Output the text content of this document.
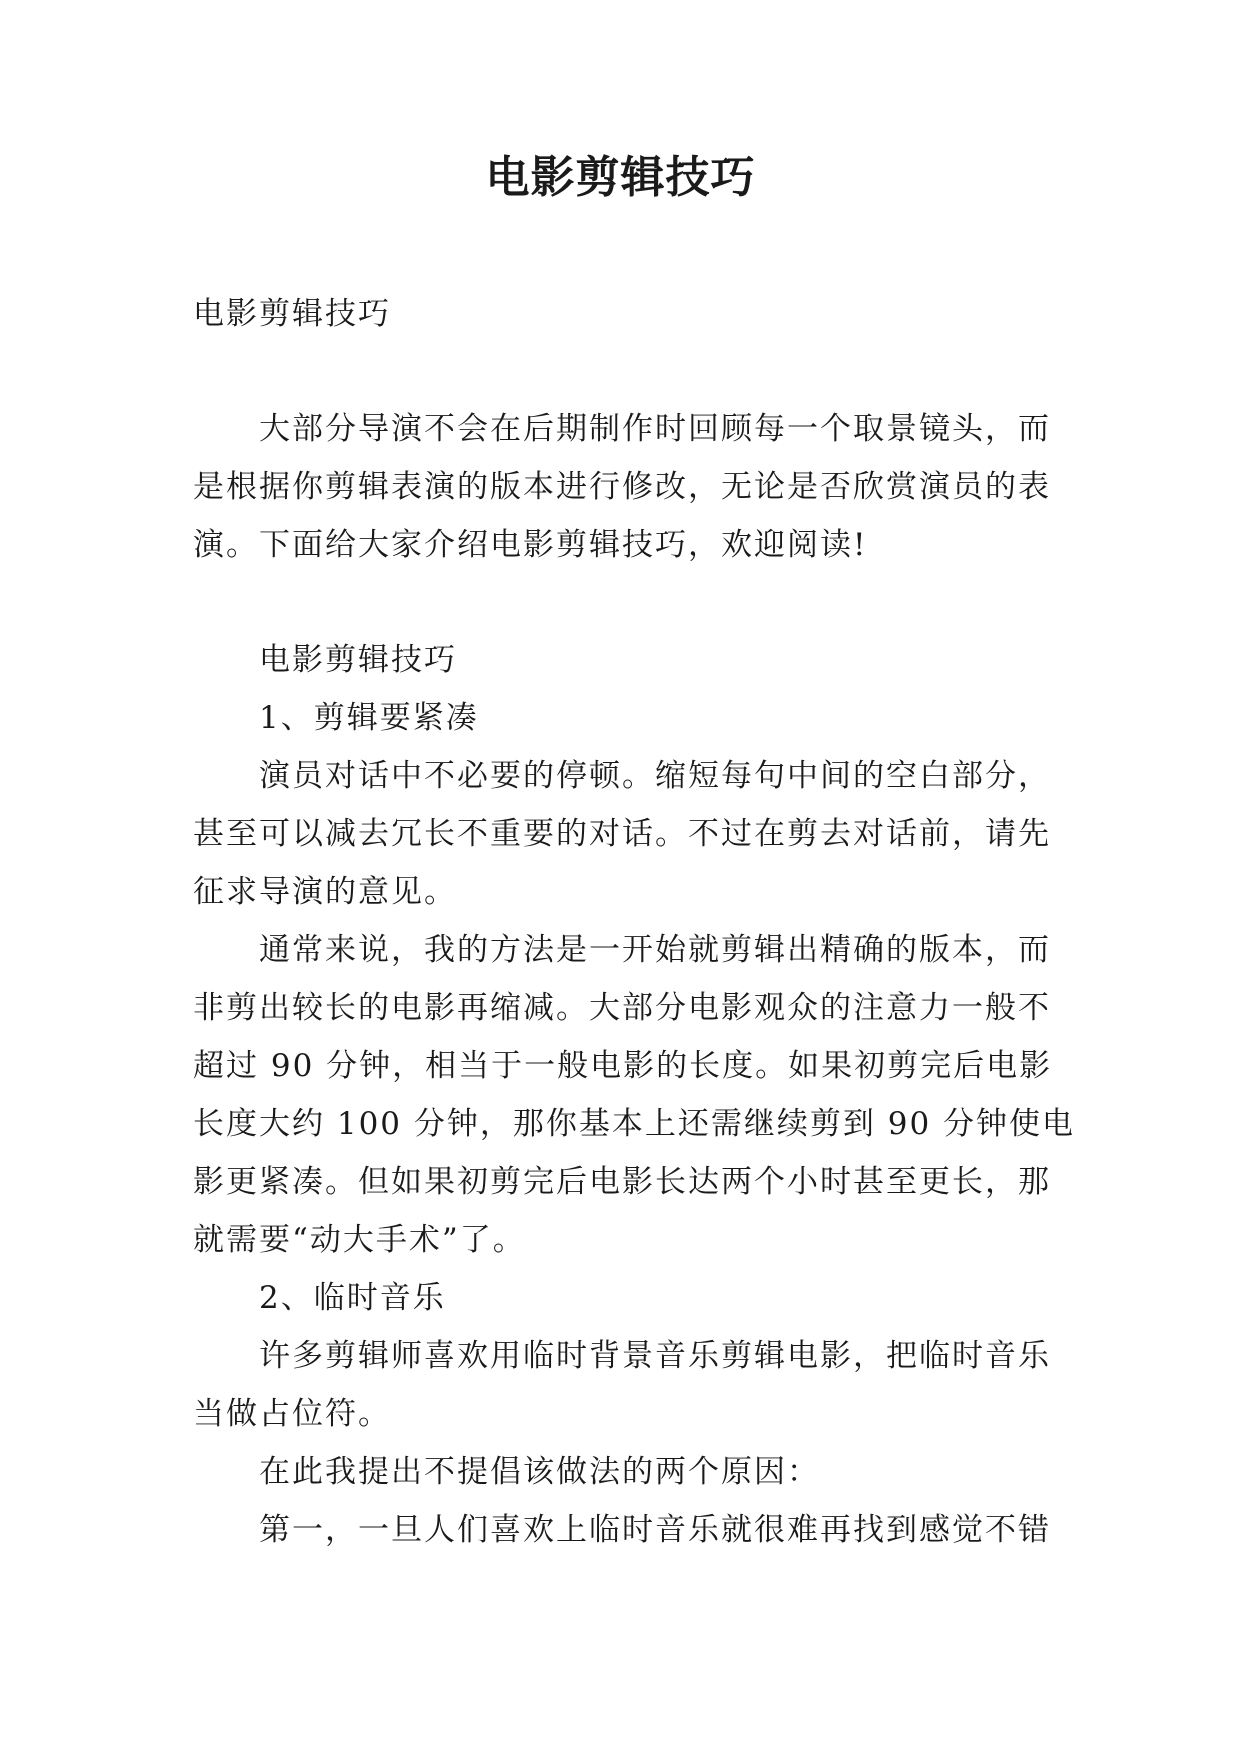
电影剪辑技巧
电影剪辑技巧
大部分导演不会在后期制作时回顾每一个取景镜头，而
是根据你剪辑表演的版本进行修改，无论是否欣赏演员的表
演。下面给大家介绍电影剪辑技巧，欢迎阅读!
电影剪辑技巧
1、剪辑要紧凑
演员对话中不必要的停顿。缩短每句中间的空白部分，
甚至可以减去冗长不重要的对话。不过在剪去对话前，请先
征求导演的意见。
通常来说，我的方法是一开始就剪辑出精确的版本，而
非剪出较长的电影再缩减。大部分电影观众的注意力一般不
超过 90 分钟，相当于一般电影的长度。如果初剪完后电影
长度大约 100 分钟，那你基本上还需继续剪到 90 分钟使电
影更紧凑。但如果初剪完后电影长达两个小时甚至更长，那
就需要“动大手术”了。
2、临时音乐
许多剪辑师喜欢用临时背景音乐剪辑电影，把临时音乐
当做占位符。
在此我提出不提倡该做法的两个原因：
第一，一旦人们喜欢上临时音乐就很难再找到感觉不错
